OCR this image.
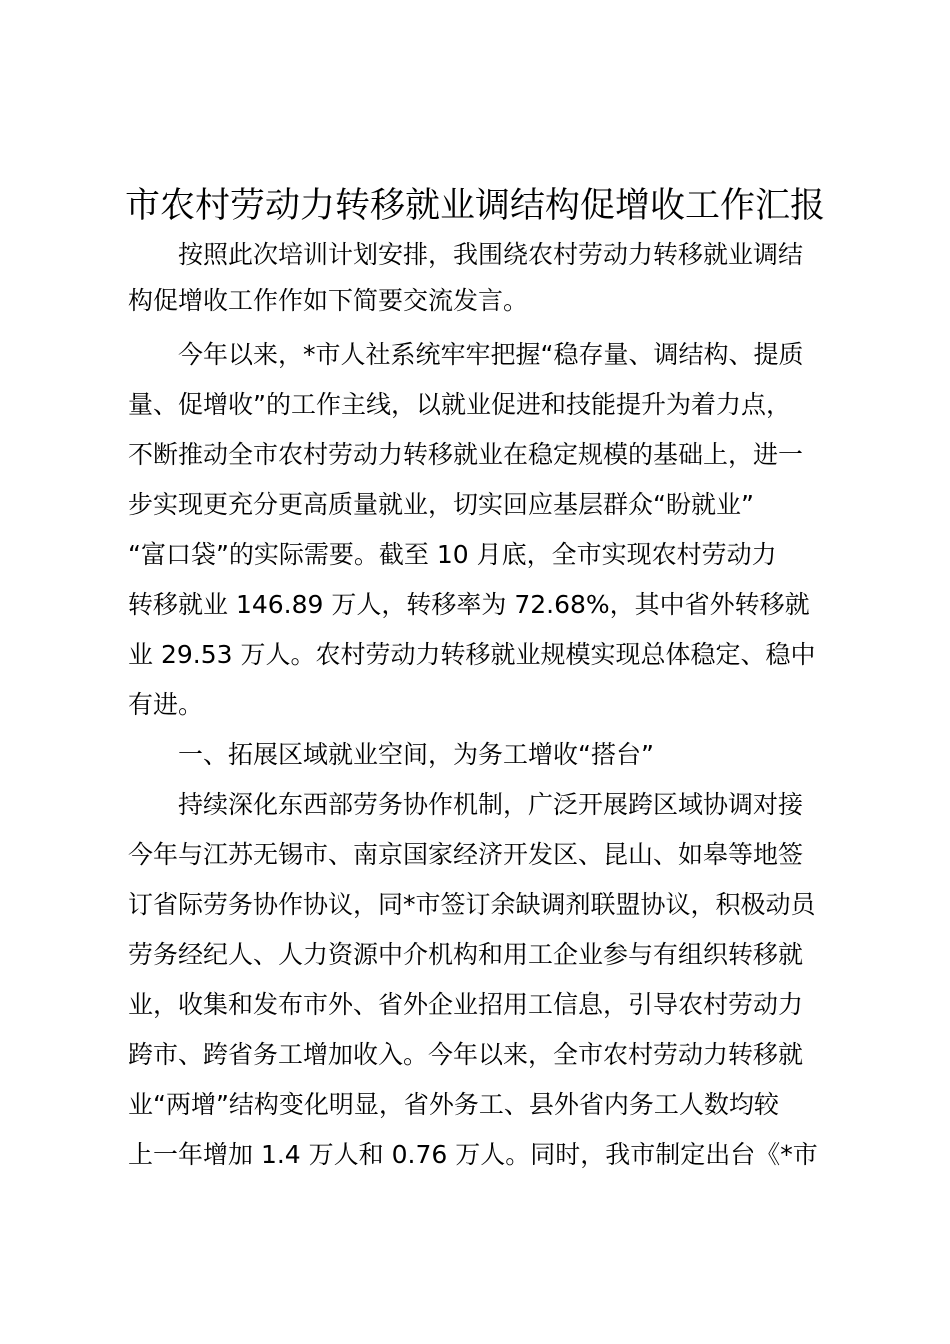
市农村劳动力转移就业调结构促增收工作汇报

按照此次培训计划安排，我围绕农村劳动力转移就业调结

构促增收工作作如下简要交流发言。

今年以来，*市人社系统牢牢把握“稳存量、调结构、提质

量、促增收”的工作主线，以就业促进和技能提升为着力点，

不断推动全市农村劳动力转移就业在稳定规模的基础上，进一

步实现更充分更高质量就业，切实回应基层群众“盼就业”

“富口袋”的实际需要。截至 10 月底，全市实现农村劳动力

转移就业 146.89 万人，转移率为 72.68%，其中省外转移就

业 29.53 万人。农村劳动力转移就业规模实现总体稳定、稳中

有进。

一、拓展区域就业空间，为务工增收“搭台”

持续深化东西部劳务协作机制，广泛开展跨区域协调对接

今年与江苏无锡市、南京国家经济开发区、昆山、如皋等地签

订省际劳务协作协议，同*市签订余缺调剂联盟协议，积极动员

劳务经纪人、人力资源中介机构和用工企业参与有组织转移就

业，收集和发布市外、省外企业招用工信息，引导农村劳动力

跨市、跨省务工增加收入。今年以来，全市农村劳动力转移就

业“两增”结构变化明显，省外务工、县外省内务工人数均较

上一年增加 1.4 万人和 0.76 万人。同时，我市制定出台《*市
